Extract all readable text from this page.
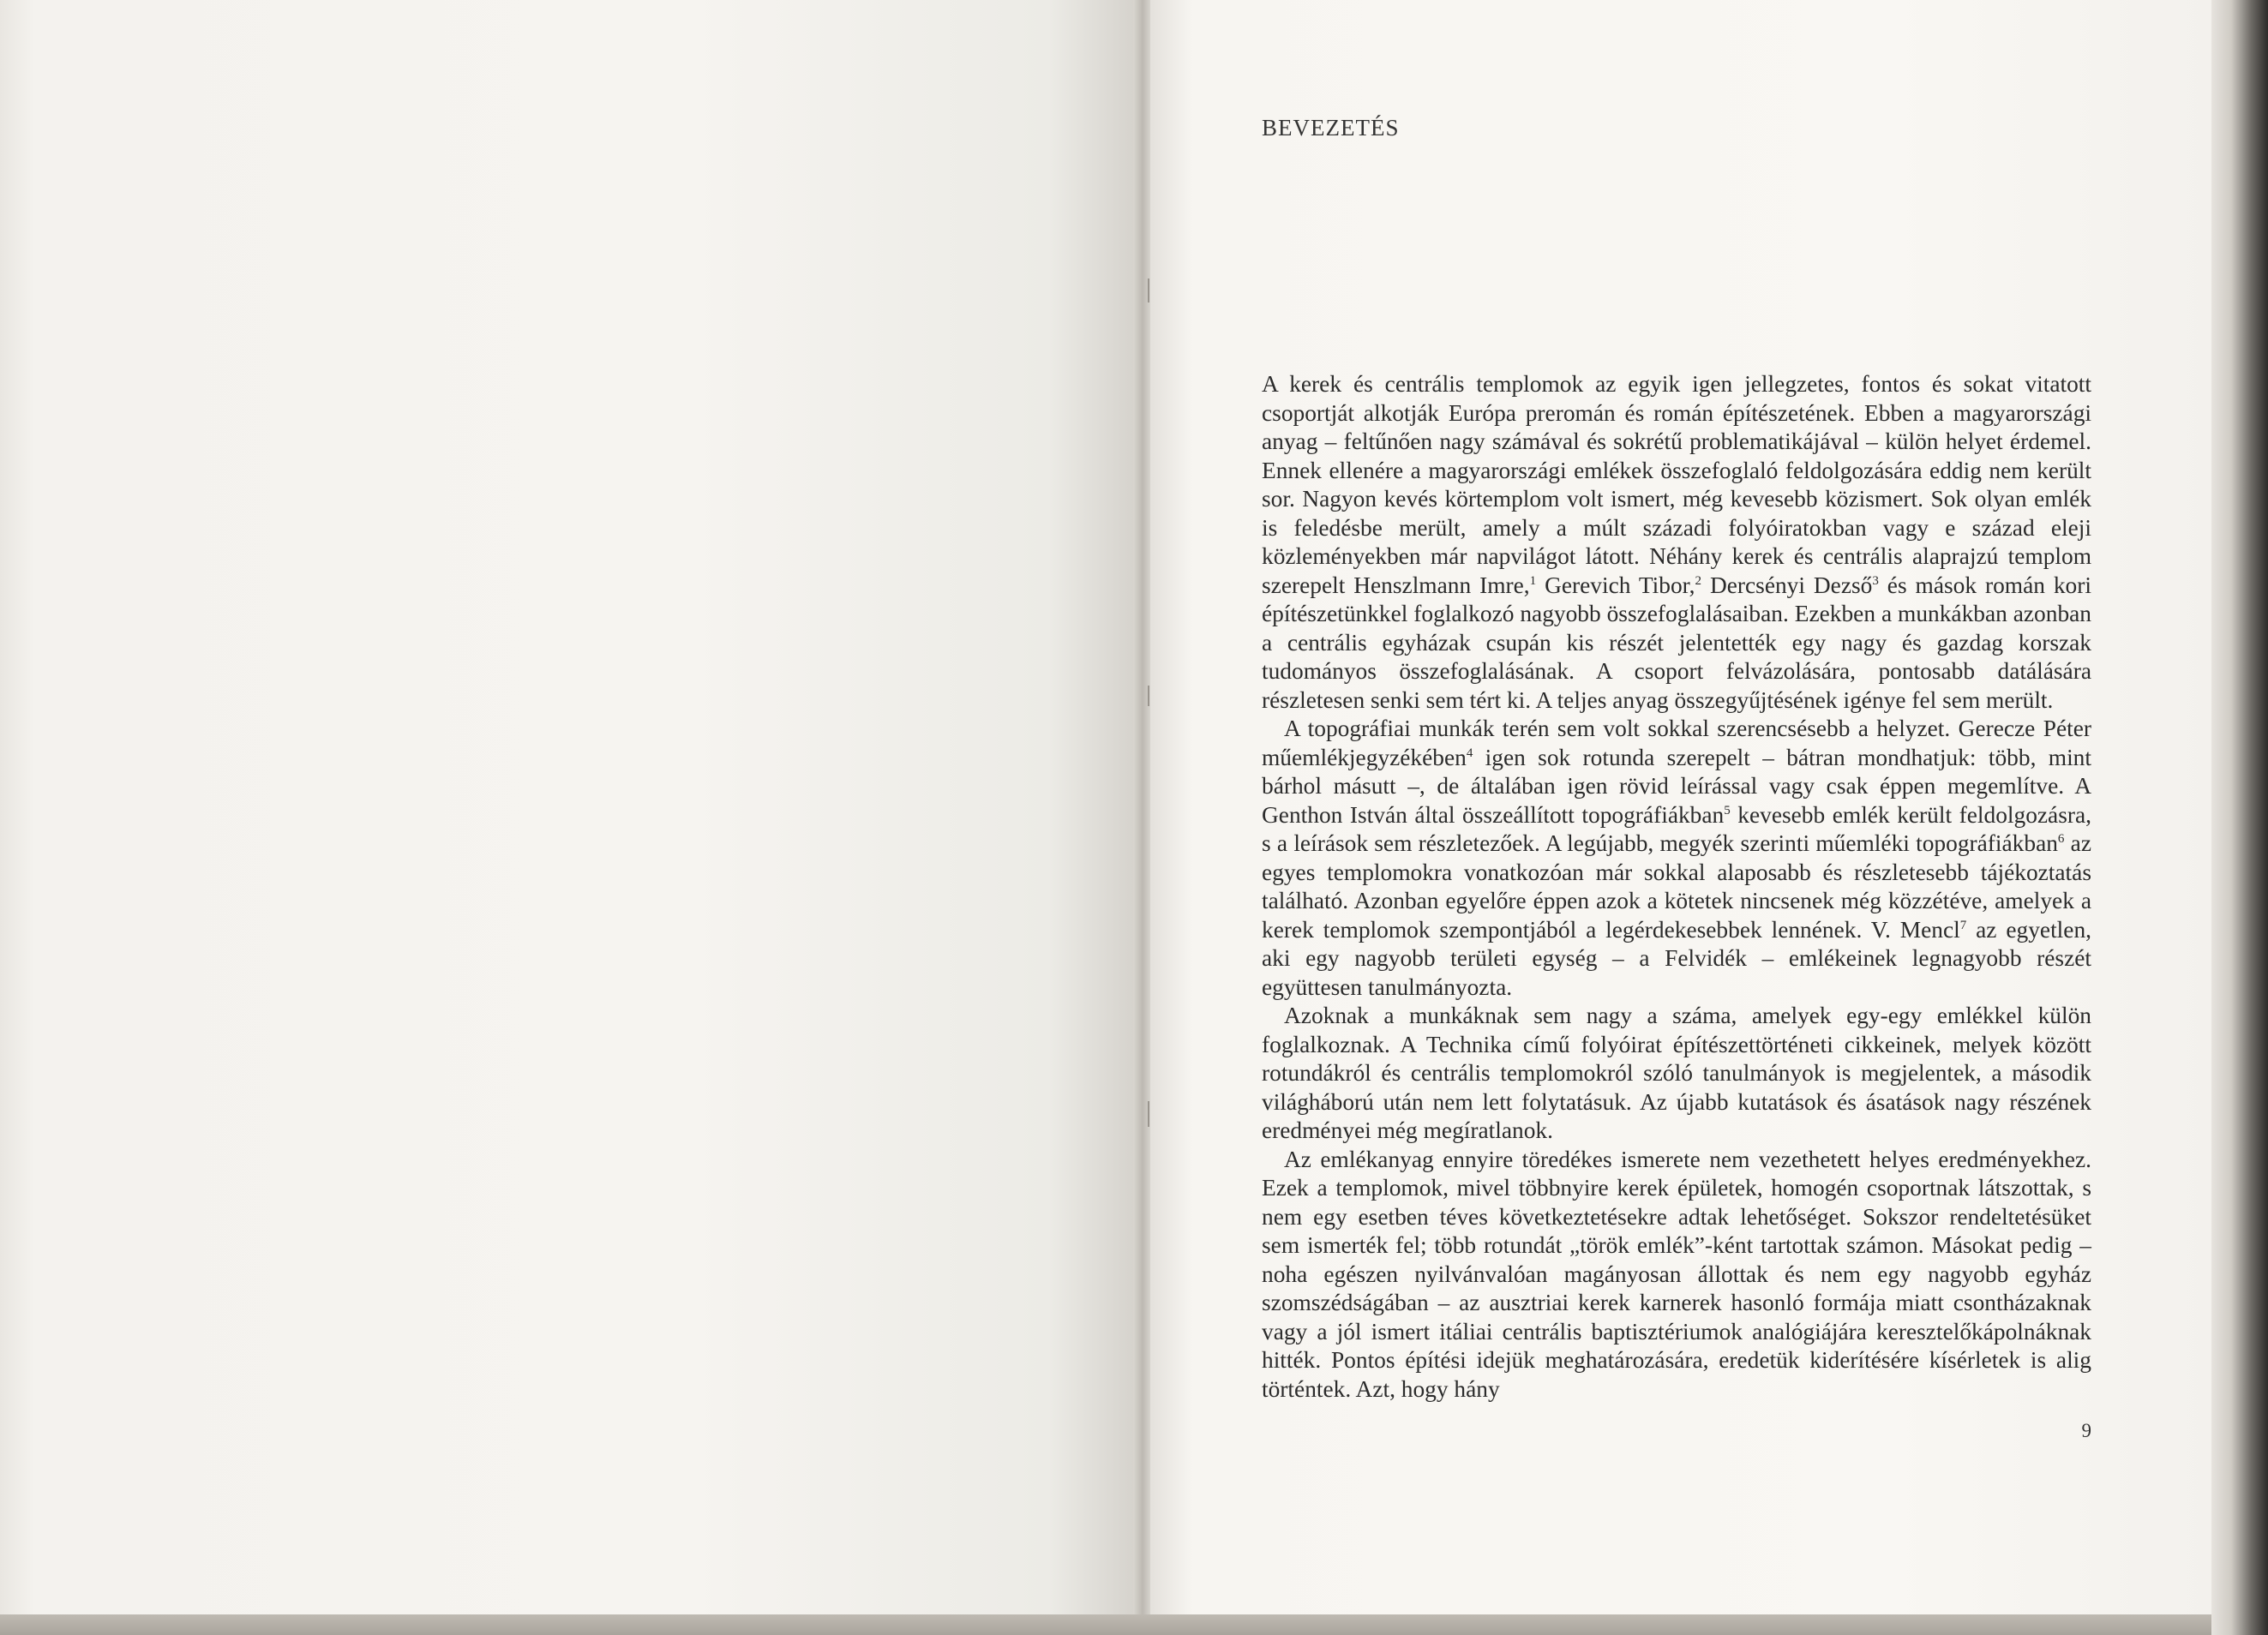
BEVEZETÉS

A kerek és centrális templomok az egyik igen jellegzetes, fontos és sokat vitatott csoportját alkotják Európa preromán és román építészetének. Ebben a magyarországi anyag – feltűnően nagy számával és sokrétű problematikájával – külön helyet érdemel. Ennek ellenére a magyarországi emlékek összefoglaló feldolgozására eddig nem került sor. Nagyon kevés körtemplom volt ismert, még kevesebb közismert. Sok olyan emlék is feledésbe merült, amely a múlt századi folyóiratokban vagy e század eleji közleményekben már napvilágot látott. Néhány kerek és centrális alaprajzú templom szerepelt Henszlmann Imre,$^1$ Gerevich Tibor,$^2$ Dercsényi Dezső$^3$ és mások román kori építészetünkkel foglalkozó nagyobb összefoglalásaiban. Ezekben a munkákban azonban a centrális egyházak csupán kis részét jelentették egy nagy és gazdag korszak tudományos összefoglalásának. A csoport felvázolására, pontosabb datálására részletesen senki sem tért ki. A teljes anyag összegyűjtésének igénye fel sem merült.

A topográfiai munkák terén sem volt sokkal szerencsésebb a helyzet. Gerecze Péter műemlékjegyzékében$^4$ igen sok rotunda szerepelt – bátran mondhatjuk: több, mint bárhol másutt –, de általában igen rövid leírással vagy csak éppen megemlítve. A Genthon István által összeállított topográfiákban$^5$ kevesebb emlék került feldolgozásra, s a leírások sem részletezőek. A legújabb, megyék szerinti műemléki topográfiákban$^6$ az egyes templomokra vonatkozóan már sokkal alaposabb és részletesebb tájékoztatás található. Azonban egyelőre éppen azok a kötetek nincsenek még közzétéve, amelyek a kerek templomok szempontjából a legérdekesebbek lennének. V. Mencl$^7$ az egyetlen, aki egy nagyobb területi egység – a Felvidék – emlékeinek legnagyobb részét együttesen tanulmányozta.

Azoknak a munkáknak sem nagy a száma, amelyek egy-egy emlékkel külön foglalkoznak. A Technika című folyóirat építészettörténeti cikkeinek, melyek között rotundákról és centrális templomokról szóló tanulmányok is megjelentek, a második világháború után nem lett folytatásuk. Az újabb kutatások és ásatások nagy részének eredményei még megíratlanok.

Az emlékanyag ennyire töredékes ismerete nem vezethetett helyes eredményekhez. Ezek a templomok, mivel többnyire kerek épületek, homogén csoportnak látszottak, s nem egy esetben téves következtetésekre adtak lehetőséget. Sokszor rendeltetésüket sem ismerték fel; több rotundát „török emlék”-ként tartottak számon. Másokat pedig – noha egészen nyilvánvalóan magányosan állottak és nem egy nagyobb egyház szomszédságában – az ausztriai kerek karnerek hasonló formája miatt csontházaknak vagy a jól ismert itáliai centrális baptisztériumok analógiájára keresztelőkápolnáknak hitték. Pontos építési idejük meghatározására, eredetük kiderítésére kísérletek is alig történtek. Azt, hogy hány

9
